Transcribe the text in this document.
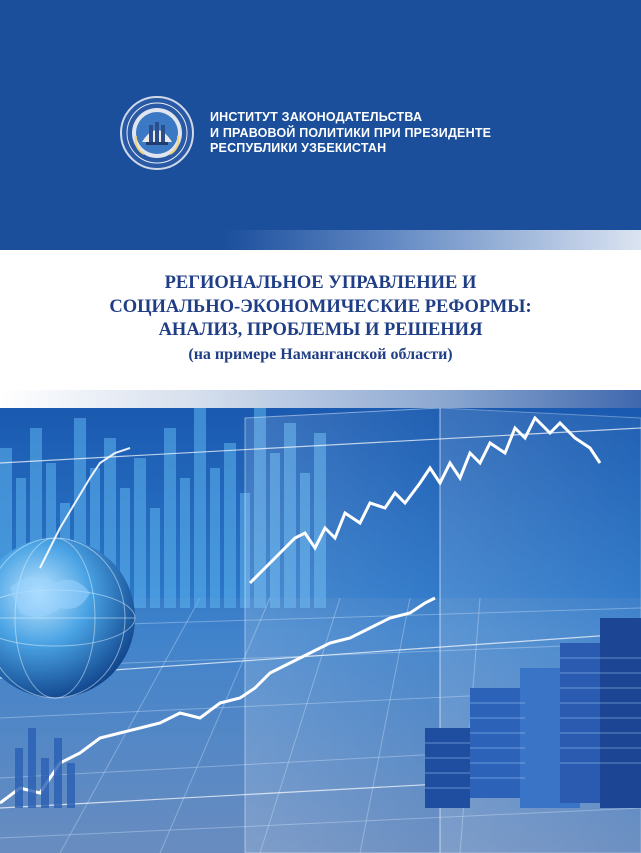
ИНСТИТУТ ЗАКОНОДАТЕЛЬСТВА
И ПРАВОВОЙ ПОЛИТИКИ ПРИ ПРЕЗИДЕНТЕ
РЕСПУБЛИКИ УЗБЕКИСТАН
РЕГИОНАЛЬНОЕ УПРАВЛЕНИЕ И
СОЦИАЛЬНО-ЭКОНОМИЧЕСКИЕ РЕФОРМЫ:
АНАЛИЗ, ПРОБЛЕМЫ И РЕШЕНИЯ
(на примере Наманганской области)
